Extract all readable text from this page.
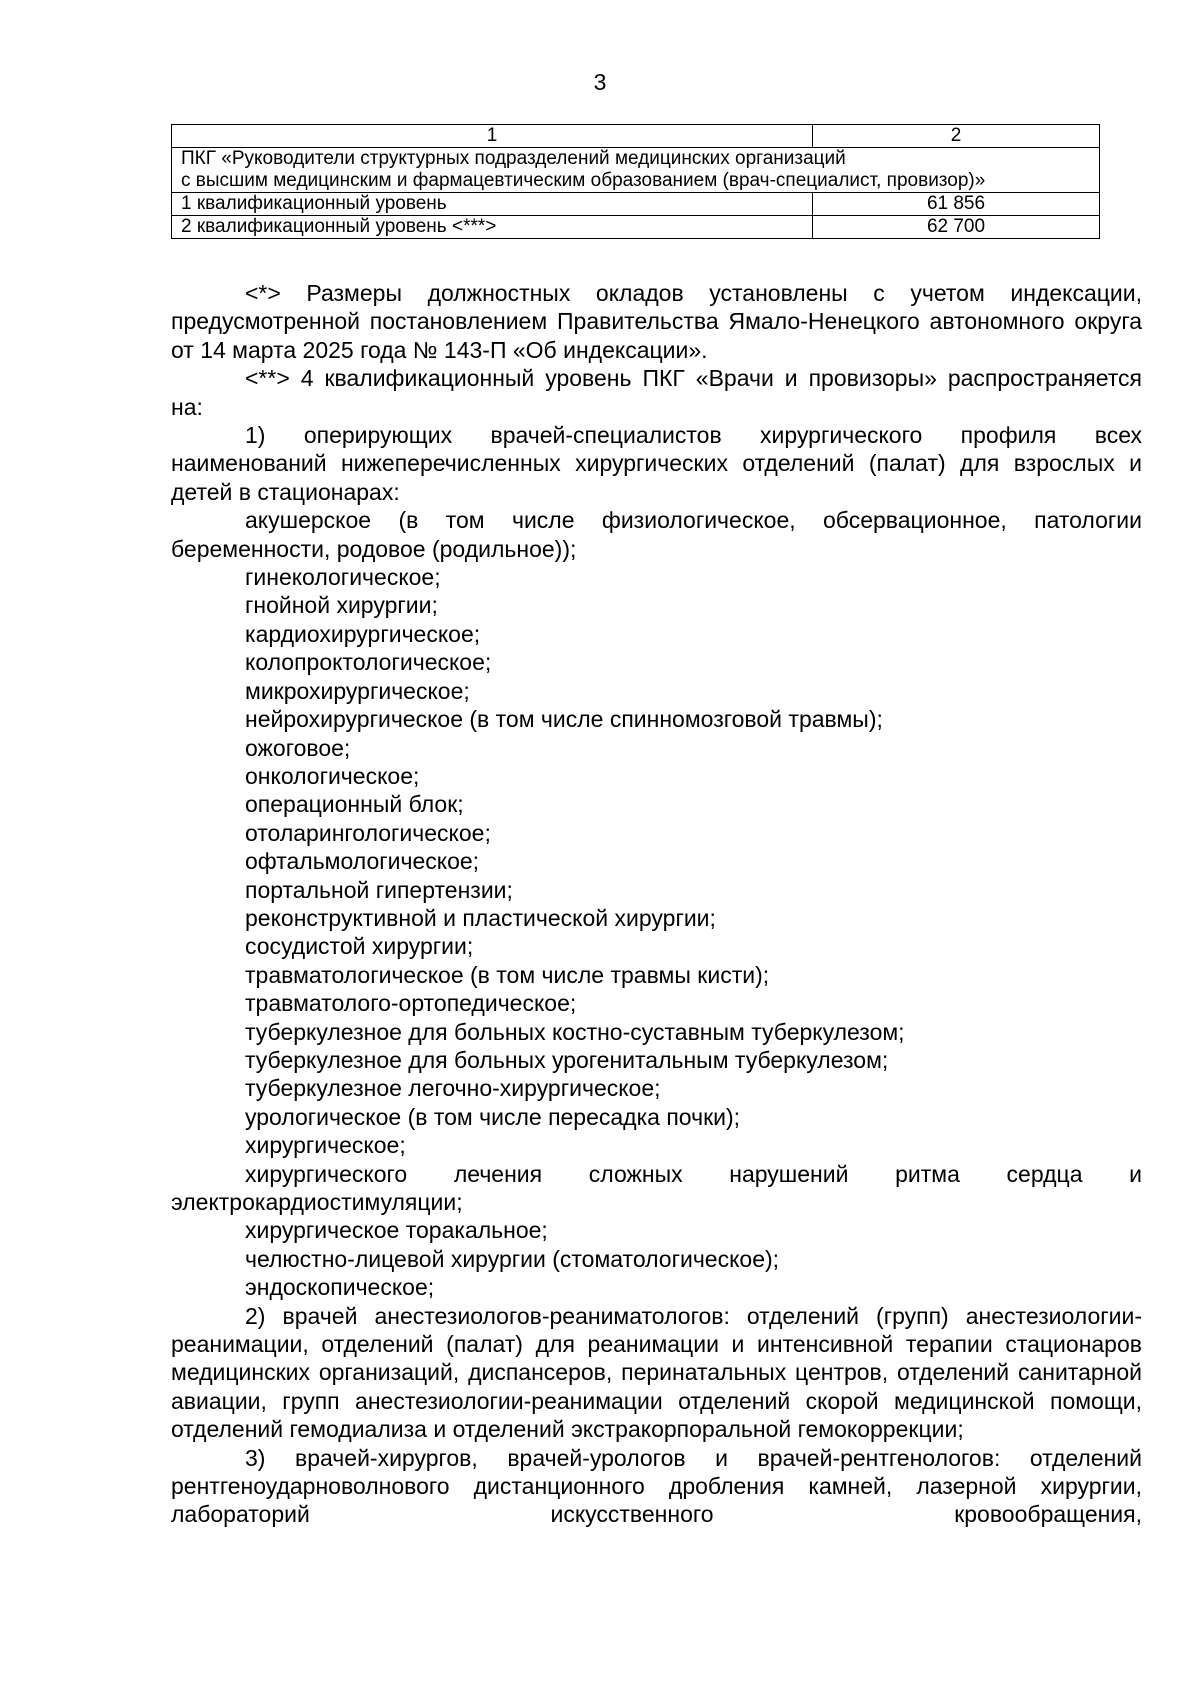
3
1	2

ПКГ «Руководители структурных подразделений медицинских организаций
с высшим медицинским и фармацевтическим образованием (врач-специалист, провизор)»	

1 квалификационный уровень	61 856
2 квалификационный уровень <***>	62 700

<*> Размеры должностных окладов установлены с учетом индексации, предусмотренной постановлением Правительства Ямало-Ненецкого автономного округа от 14 марта 2025 года № 143-П «Об индексации».

<**> 4 квалификационный уровень ПКГ «Врачи и провизоры» распространяется на:

1) оперирующих врачей-специалистов хирургического профиля всех наименований нижеперечисленных хирургических отделений (палат) для взрослых и детей в стационарах:

акушерское (в том числе физиологическое, обсервационное, патологии беременности, родовое (родильное));

гинекологическое;

гнойной хирургии;

кардиохирургическое;

колопроктологическое;

микрохирургическое;

нейрохирургическое (в том числе спинномозговой травмы);

ожоговое;

онкологическое;

операционный блок;

отоларингологическое;

офтальмологическое;

портальной гипертензии;

реконструктивной и пластической хирургии;

сосудистой хирургии;

травматологическое (в том числе травмы кисти);

травматолого-ортопедическое;

туберкулезное для больных костно-суставным туберкулезом;

туберкулезное для больных урогенитальным туберкулезом;

туберкулезное легочно-хирургическое;

урологическое (в том числе пересадка почки);

хирургическое;

хирургического лечения сложных нарушений ритма сердца и электрокардиостимуляции;

хирургическое торакальное;

челюстно-лицевой хирургии (стоматологическое);

эндоскопическое;

2) врачей анестезиологов-реаниматологов: отделений (групп) анестезиологии-реанимации, отделений (палат) для реанимации и интенсивной терапии стационаров медицинских организаций, диспансеров, перинатальных центров, отделений санитарной авиации, групп анестезиологии-реанимации отделений скорой медицинской помощи, отделений гемодиализа и отделений экстракорпоральной гемокоррекции;

3) врачей-хирургов, врачей-урологов и врачей-рентгенологов: отделений рентгеноударноволнового дистанционного дробления камней, лазерной хирургии, лабораторий искусственного кровообращения,
